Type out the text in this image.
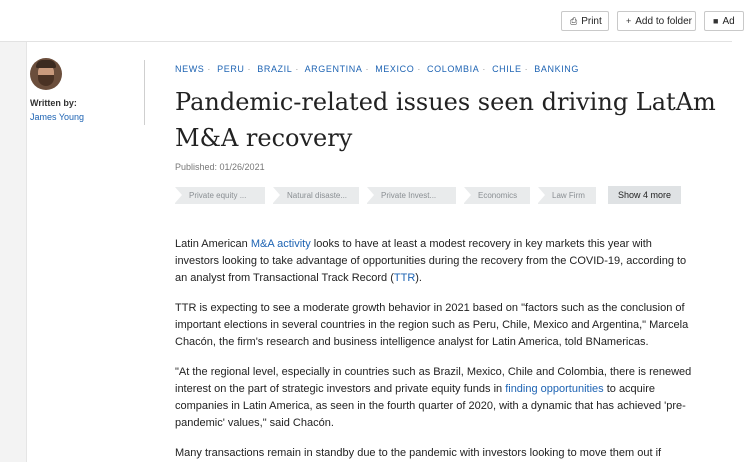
⎙ Print	+ Add to folder ■ Ad
Written by:
James Young
NEWS · PERU · BRAZIL · ARGENTINA · MEXICO · COLOMBIA · CHILE · BANKING
Pandemic-related issues seen driving LatAm
M&A recovery
Published: 01/26/2021
Private equity ...	Natural disaste...	Private Invest...	Economics	Law Firm	Show 4 more

Latin American M&A activity looks to have at least a modest recovery in key markets this year with
investors looking to take advantage of opportunities during the recovery from the COVID-19, according to
an analyst from Transactional Track Record (TTR).

TTR is expecting to see a moderate growth behavior in 2021 based on "factors such as the conclusion of
important elections in several countries in the region such as Peru, Chile, Mexico and Argentina," Marcela
Chacón, the firm's research and business intelligence analyst for Latin America, told BNamericas.

"At the regional level, especially in countries such as Brazil, Mexico, Chile and Colombia, there is renewed
interest on the part of strategic investors and private equity funds in finding opportunities to acquire
companies in Latin America, as seen in the fourth quarter of 2020, with a dynamic that has achieved 'pre-
pandemic' values," said Chacón.

Many transactions remain in standby due to the pandemic with investors looking to move them out if
